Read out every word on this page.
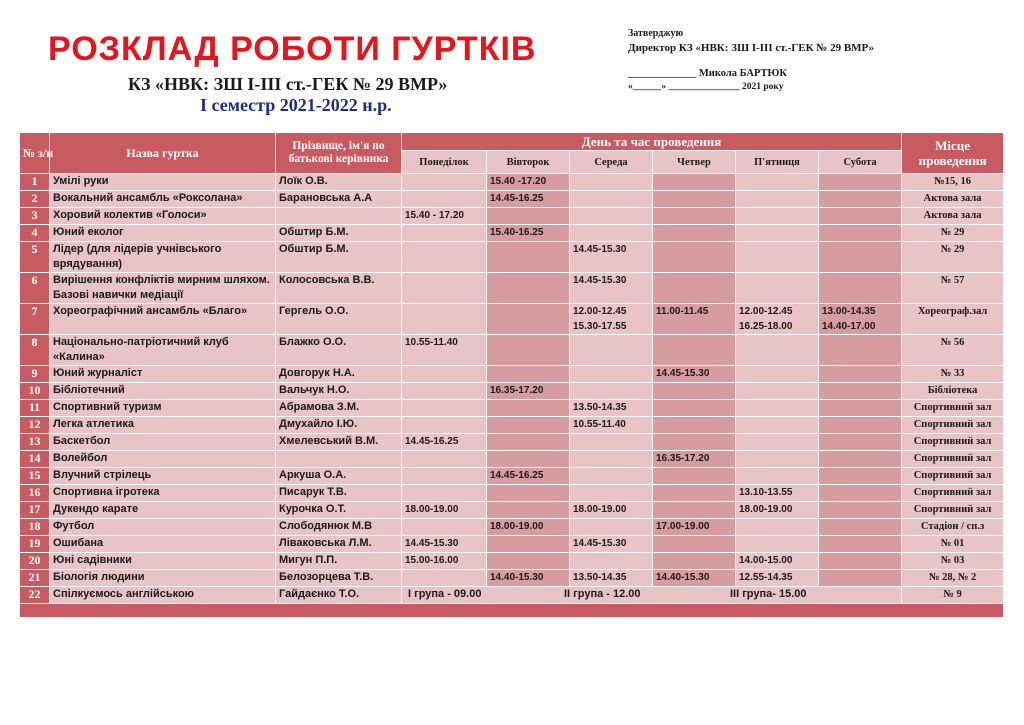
РОЗКЛАД РОБОТИ ГУРТКІВ
КЗ «НВК: ЗШ І-ІІІ ст.-ГЕК № 29 ВМР»
І семестр 2021-2022 н.р.
Затверджую
Директор КЗ «НВК: ЗШ І-ІІІ ст.-ГЕК № 29 ВМР»
_____________ Микола БАРТЮК
«______» _______________ 2021 року
№ з/п	Назва гуртка	Прізвище, ім'я по батькові керівника	День та час проведення						Місце проведення
			Понеділок	Вівторок	Середа	Четвер	П'ятниця	Субота	
1	Умілі руки	Лоїк О.В.		15.40 -17.20					№15, 16
2	Вокальний ансамбль «Роксолана»	Барановська А.А		14.45-16.25					Актова зала
3	Хоровий колектив «Голоси»		15.40 - 17.20						Актова зала
4	Юний еколог	Обштир Б.М.		15.40-16.25					№ 29
5	Лідер (для лідерів учнівського врядування)	Обштир Б.М.			14.45-15.30				№ 29
6	Вирішення конфліктів мирним шляхом. Базові навички медіації	Колосовська В.В.			14.45-15.30				№ 57
7	Хореографічний ансамбль «Благо»	Гергель О.О.			12.00-12.45 15.30-17.55	11.00-11.45	12.00-12.45 16.25-18.00	13.00-14.35 14.40-17.00	Хореограф.зал
8	Національно-патріотичний клуб «Калина»	Блажко О.О.	10.55-11.40						№ 56
9	Юний журналіст	Довгорук Н.А.				14.45-15.30			№ 33
10	Бібліотечний	Вальчук Н.О.		16.35-17.20					Бібліотека
11	Спортивний туризм	Абрамова З.М.			13.50-14.35				Спортивний зал
12	Легка атлетика	Дмухайло І.Ю.			10.55-11.40				Спортивний зал
13	Баскетбол	Хмелевський В.М.	14.45-16.25						Спортивний зал
14	Волейбол					16.35-17.20			Спортивний зал
15	Влучний стрілець	Аркуша О.А.		14.45-16.25					Спортивний зал
16	Спортивна ігротека	Писарук Т.В.					13.10-13.55		Спортивний зал
17	Дукендо карате	Курочка О.Т.	18.00-19.00		18.00-19.00		18.00-19.00		Спортивний зал
18	Футбол	Слободянюк М.В		18.00-19.00		17.00-19.00			Стадіон / сп.з
19	Ошибана	Ліваковська Л.М.	14.45-15.30		14.45-15.30				№ 01
20	Юні садівники	Мигун П.П.	15.00-16.00				14.00-15.00		№ 03
21	Біологія людини	Белозорцева Т.В.		14.40-15.30	13.50-14.35	14.40-15.30	12.55-14.35		№ 28, № 2
22	Спілкуємось англійською	Гайдаєнко Т.О.	І група - 09.00 ІІ група - 12.00 ІІІ група- 15.00						№ 9
